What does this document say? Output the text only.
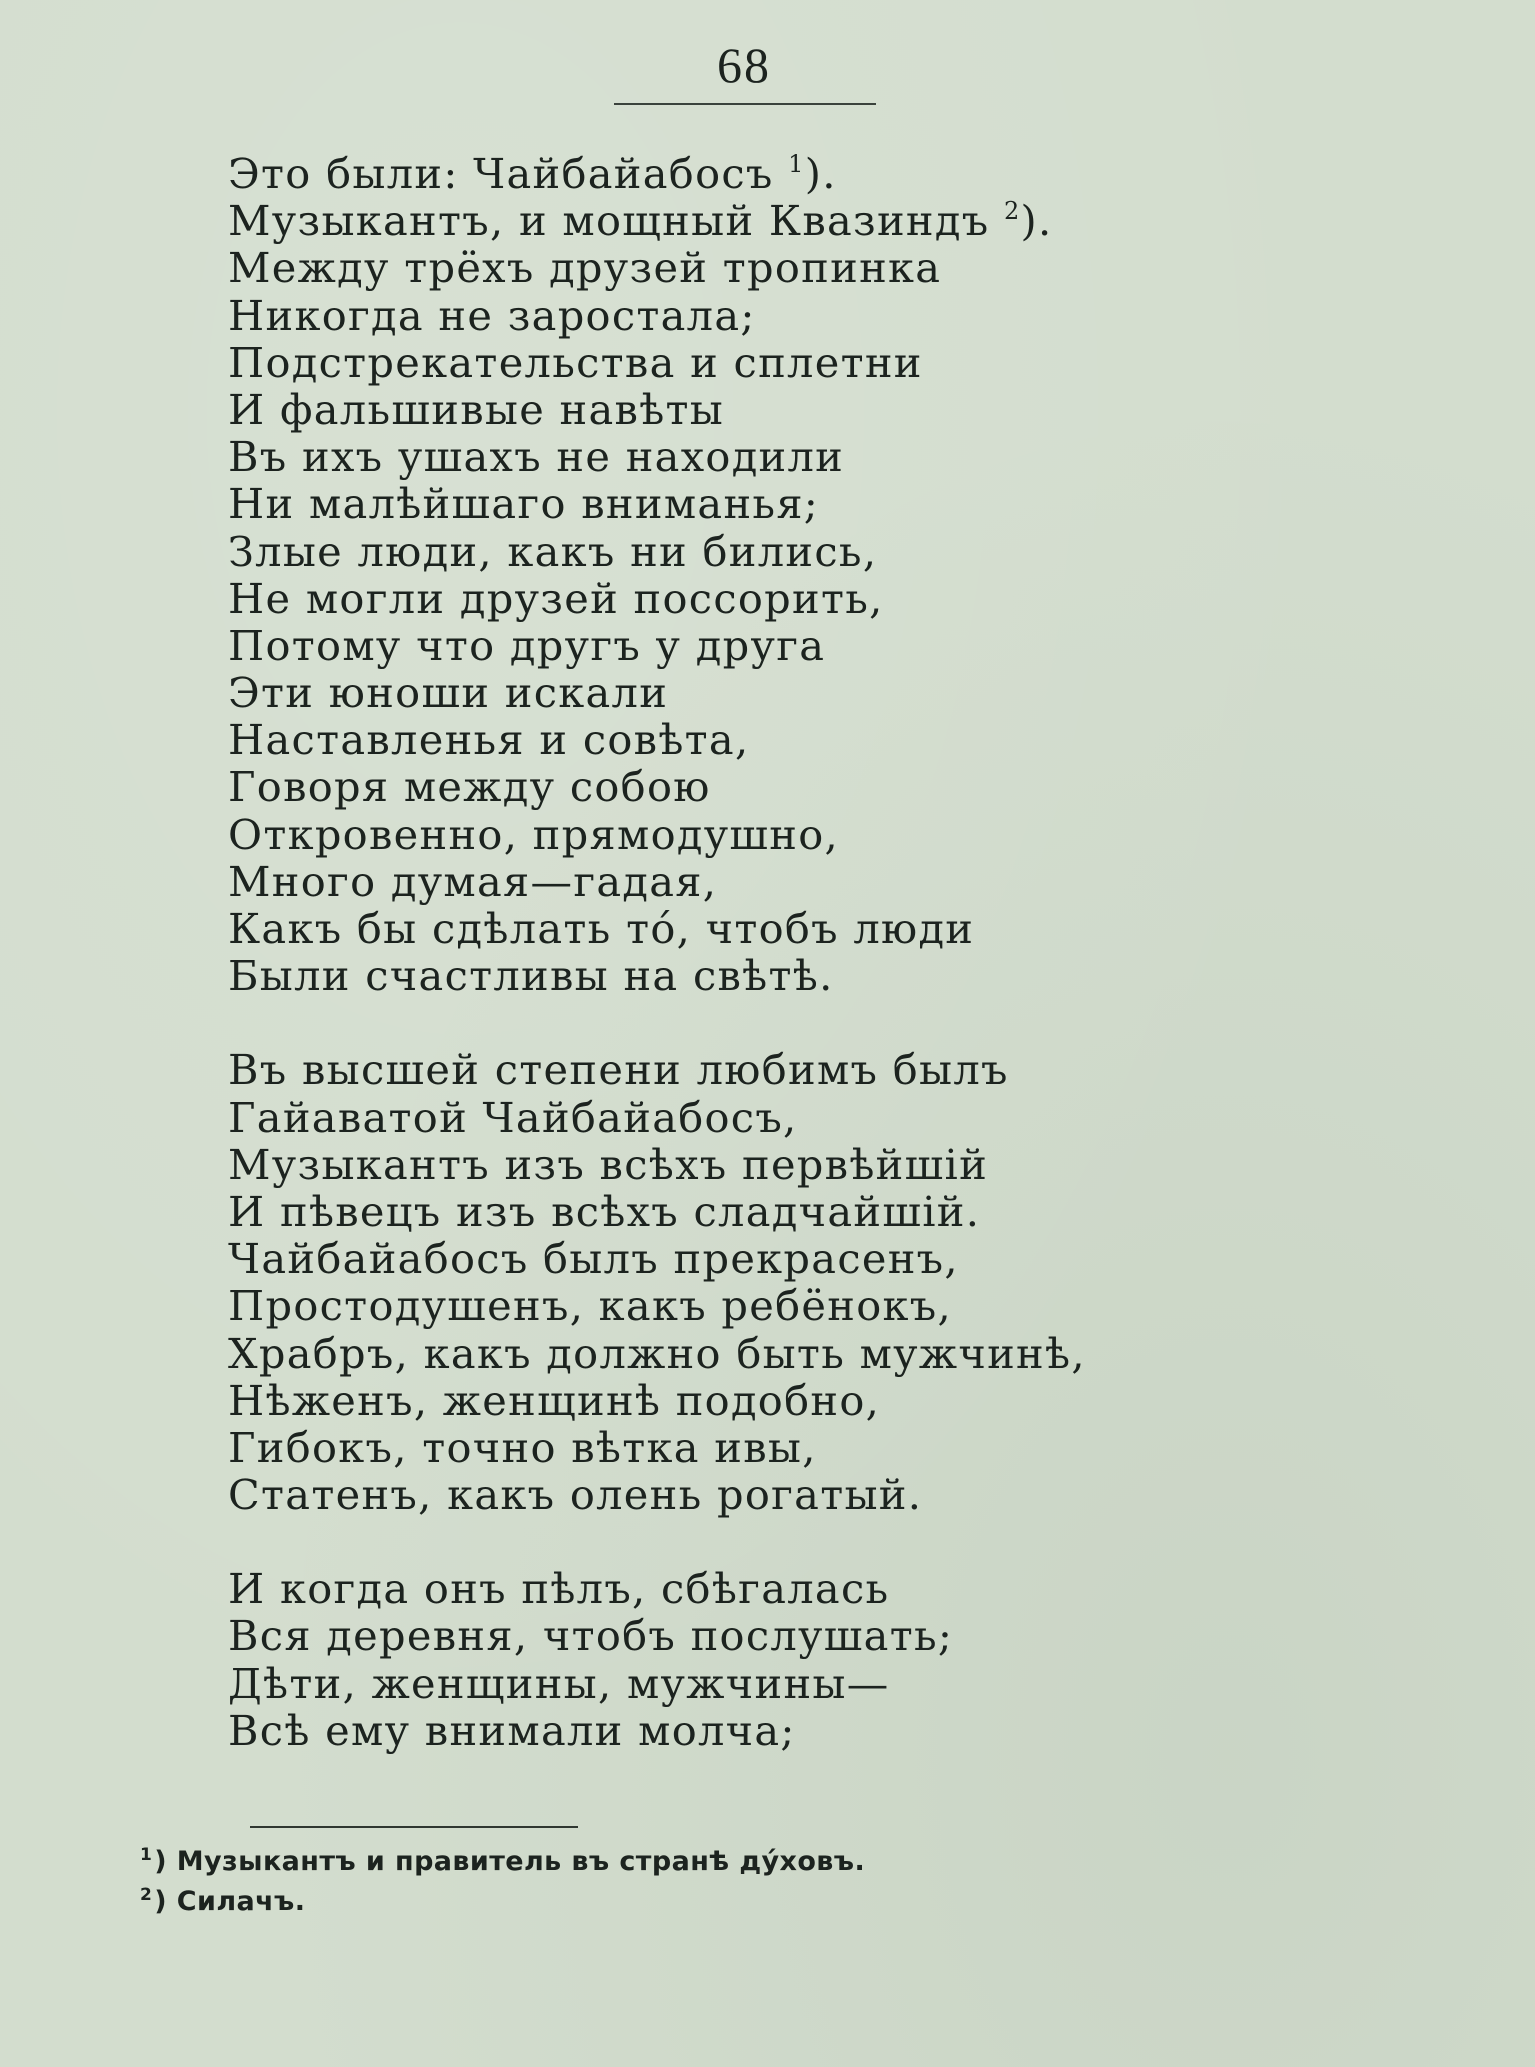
68
Это были: Чайбайабосъ $^1$).
Музыкантъ, и мощный Квазиндъ $^2$).
Между трёхъ друзей тропинка
Никогда не заростала;
Подстрекательства и сплетни
И фальшивые навѣты
Въ ихъ ушахъ не находили
Ни малѣйшаго вниманья;
Злые люди, какъ ни бились,
Не могли друзей поссорить,
Потому что другъ у друга
Эти юноши искали
Наставленья и совѣта,
Говоря между собою
Откровенно, прямодушно,
Много думая—гадая,
Какъ бы сдѣлать то́, чтобъ люди
Были счастливы на свѣтѣ.
Въ высшей степени любимъ былъ
Гайаватой Чайбайабосъ,
Музыкантъ изъ всѣхъ первѣйшій
И пѣвецъ изъ всѣхъ сладчайшій.
Чайбайабосъ былъ прекрасенъ,
Простодушенъ, какъ ребёнокъ,
Храбръ, какъ должно быть мужчинѣ,
Нѣженъ, женщинѣ подобно,
Гибокъ, точно вѣтка ивы,
Статенъ, какъ олень рогатый.
И когда онъ пѣлъ, сбѣгалась
Вся деревня, чтобъ послушать;
Дѣти, женщины, мужчины—
Всѣ ему внимали молча;
$^1$) Музыкантъ и правитель въ странѣ ду́ховъ.
$^2$) Силачъ.
